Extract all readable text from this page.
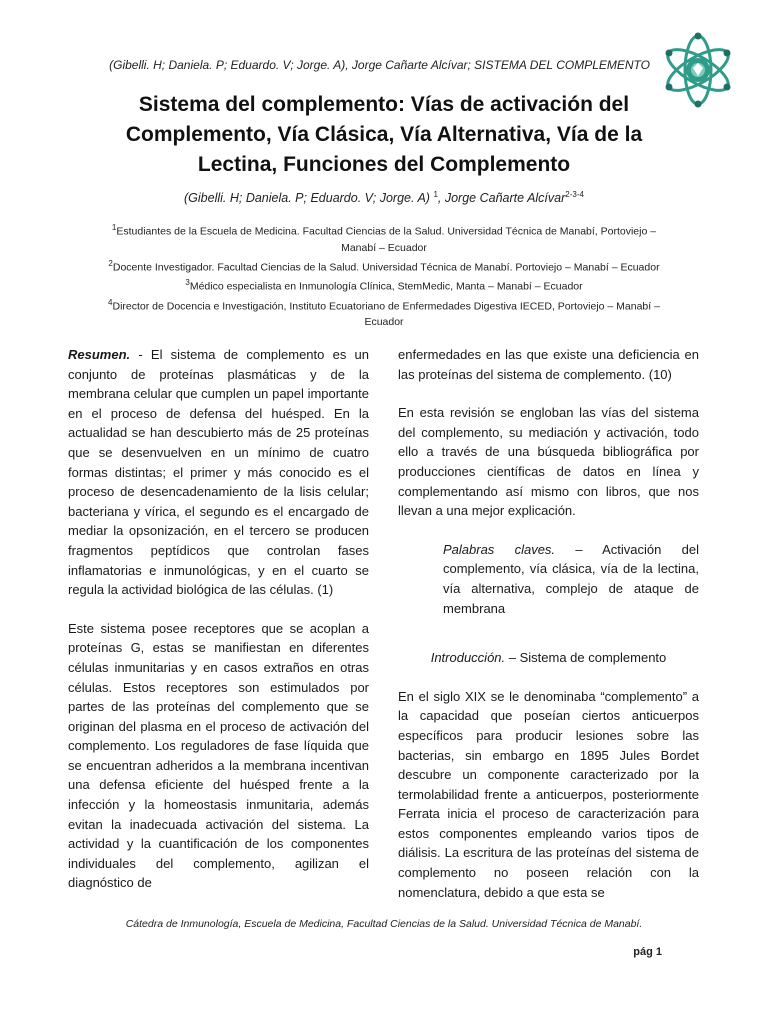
(Gibelli. H; Daniela. P; Eduardo. V; Jorge. A), Jorge Cañarte Alcívar; SISTEMA DEL COMPLEMENTO
Sistema del complemento: Vías de activación del Complemento, Vía Clásica, Vía Alternativa, Vía de la Lectina, Funciones del Complemento
(Gibelli. H; Daniela. P; Eduardo. V; Jorge. A) $^1$, Jorge Cañarte Alcívar$^{2-3-4}$

$^1$Estudiantes de la Escuela de Medicina. Facultad Ciencias de la Salud. Universidad Técnica de Manabí, Portoviejo – Manabí – Ecuador

$^2$Docente Investigador. Facultad Ciencias de la Salud. Universidad Técnica de Manabí. Portoviejo – Manabí – Ecuador

$^3$Médico especialista en Inmunología Clínica, StemMedic, Manta – Manabí – Ecuador

$^4$Director de Docencia e Investigación, Instituto Ecuatoriano de Enfermedades Digestiva IECED, Portoviejo – Manabí – Ecuador

Resumen. - El sistema de complemento es un conjunto de proteínas plasmáticas y de la membrana celular que cumplen un papel importante en el proceso de defensa del huésped. En la actualidad se han descubierto más de 25 proteínas que se desenvuelven en un mínimo de cuatro formas distintas; el primer y más conocido es el proceso de desencadenamiento de la lisis celular; bacteriana y vírica, el segundo es el encargado de mediar la opsonización, en el tercero se producen fragmentos peptídicos que controlan fases inflamatorias e inmunológicas, y en el cuarto se regula la actividad biológica de las células. (1)

Este sistema posee receptores que se acoplan a proteínas G, estas se manifiestan en diferentes células inmunitarias y en casos extraños en otras células. Estos receptores son estimulados por partes de las proteínas del complemento que se originan del plasma en el proceso de activación del complemento. Los reguladores de fase líquida que se encuentran adheridos a la membrana incentivan una defensa eficiente del huésped frente a la infección y la homeostasis inmunitaria, además evitan la inadecuada activación del sistema. La actividad y la cuantificación de los componentes individuales del complemento, agilizan el diagnóstico de

enfermedades en las que existe una deficiencia en las proteínas del sistema de complemento. (10)

En esta revisión se engloban las vías del sistema del complemento, su mediación y activación, todo ello a través de una búsqueda bibliográfica por producciones científicas de datos en línea y complementando así mismo con libros, que nos llevan a una mejor explicación.

Palabras claves. – Activación del complemento, vía clásica, vía de la lectina, vía alternativa, complejo de ataque de membrana

Introducción. – Sistema de complemento

En el siglo XIX se le denominaba “complemento” a la capacidad que poseían ciertos anticuerpos específicos para producir lesiones sobre las bacterias, sin embargo en 1895 Jules Bordet descubre un componente caracterizado por la termolabilidad frente a anticuerpos, posteriormente Ferrata inicia el proceso de caracterización para estos componentes empleando varios tipos de diálisis. La escritura de las proteínas del sistema de complemento no poseen relación con la nomenclatura, debido a que esta se

Cátedra de Inmunología, Escuela de Medicina, Facultad Ciencias de la Salud. Universidad Técnica de Manabí.
pág 1
